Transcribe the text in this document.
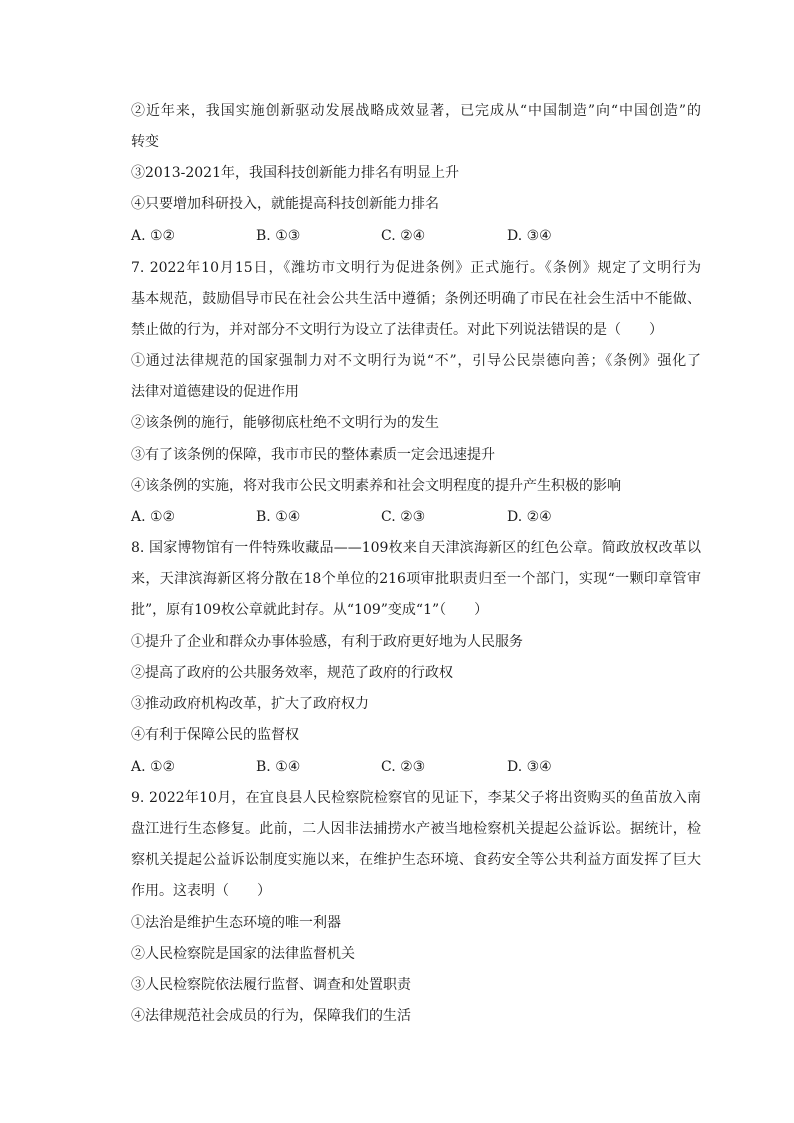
②近年来，我国实施创新驱动发展战略成效显著，已完成从“中国制造”向“中国创造”的
转变
③2013-2021年，我国科技创新能力排名有明显上升
④只要增加科研投入，就能提高科技创新能力排名
A. ①②	B. ①③	C. ②④	D. ③④
7. 2022年10月15日，《潍坊市文明行为促进条例》正式施行。《条例》规定了文明行为
基本规范，鼓励倡导市民在社会公共生活中遵循；条例还明确了市民在社会生活中不能做、
禁止做的行为，并对部分不文明行为设立了法律责任。对此下列说法错误的是（　　）
①通过法律规范的国家强制力对不文明行为说“不”，引导公民崇德向善；《条例》强化了
法律对道德建设的促进作用
②该条例的施行，能够彻底杜绝不文明行为的发生
③有了该条例的保障，我市市民的整体素质一定会迅速提升
④该条例的实施，将对我市公民文明素养和社会文明程度的提升产生积极的影响
A. ①②	B. ①④	C. ②③	D. ②④
8. 国家博物馆有一件特殊收藏品——109枚来自天津滨海新区的红色公章。简政放权改革以
来，天津滨海新区将分散在18个单位的216项审批职责归至一个部门，实现“一颗印章管审
批”，原有109枚公章就此封存。从“109”变成“1”（　　）
①提升了企业和群众办事体验感，有利于政府更好地为人民服务
②提高了政府的公共服务效率，规范了政府的行政权
③推动政府机构改革，扩大了政府权力
④有利于保障公民的监督权
A. ①②	B. ①④	C. ②③	D. ③④
9. 2022年10月，在宜良县人民检察院检察官的见证下，李某父子将出资购买的鱼苗放入南
盘江进行生态修复。此前，二人因非法捕捞水产被当地检察机关提起公益诉讼。据统计，检
察机关提起公益诉讼制度实施以来，在维护生态环境、食药安全等公共利益方面发挥了巨大
作用。这表明（　　）
①法治是维护生态环境的唯一利器
②人民检察院是国家的法律监督机关
③人民检察院依法履行监督、调查和处置职责
④法律规范社会成员的行为，保障我们的生活
